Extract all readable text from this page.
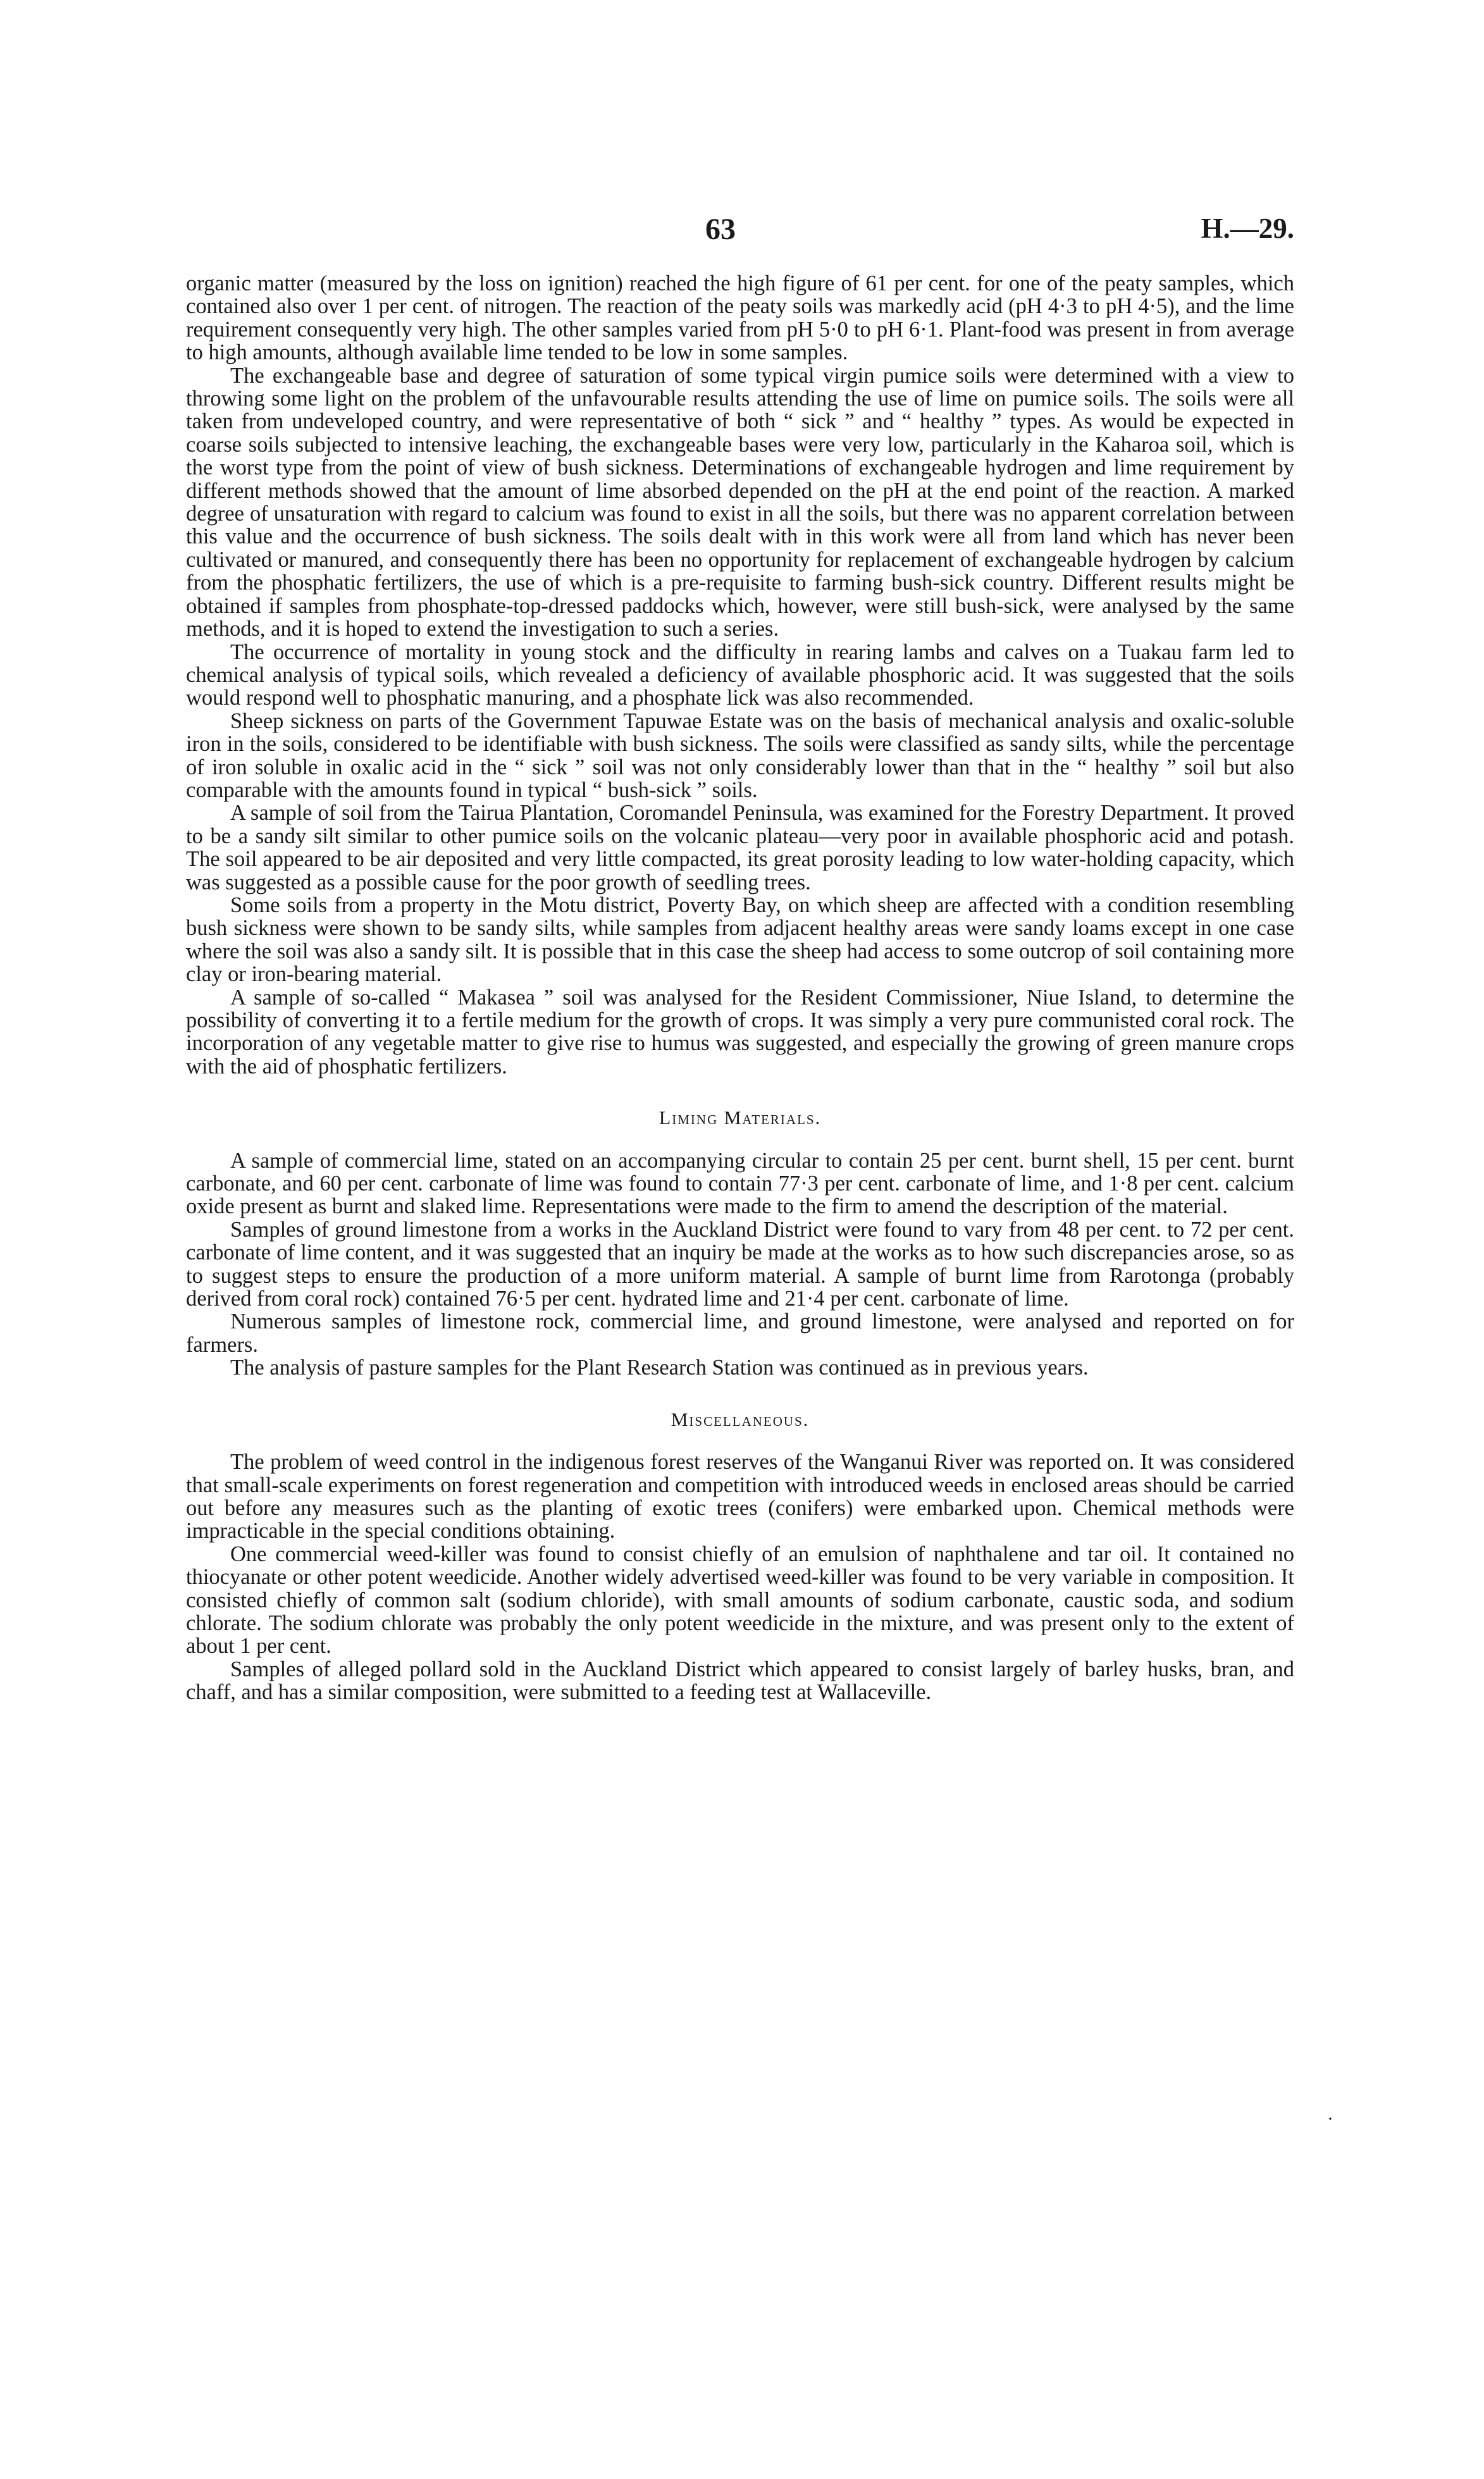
63	H.—29.

organic matter (measured by the loss on ignition) reached the high figure of 61 per cent. for one of the peaty samples, which contained also over 1 per cent. of nitrogen. The reaction of the peaty soils was markedly acid (pH 4·3 to pH 4·5), and the lime requirement consequently very high. The other samples varied from pH 5·0 to pH 6·1. Plant-food was present in from average to high amounts, although available lime tended to be low in some samples.

The exchangeable base and degree of saturation of some typical virgin pumice soils were determined with a view to throwing some light on the problem of the unfavourable results attending the use of lime on pumice soils. The soils were all taken from undeveloped country, and were representative of both “ sick ” and “ healthy ” types. As would be expected in coarse soils subjected to intensive leaching, the exchangeable bases were very low, particularly in the Kaharoa soil, which is the worst type from the point of view of bush sickness. Determinations of exchangeable hydrogen and lime requirement by different methods showed that the amount of lime absorbed depended on the pH at the end point of the reaction. A marked degree of unsaturation with regard to calcium was found to exist in all the soils, but there was no apparent correlation between this value and the occurrence of bush sickness. The soils dealt with in this work were all from land which has never been cultivated or manured, and consequently there has been no opportunity for replacement of exchangeable hydrogen by calcium from the phosphatic fertilizers, the use of which is a pre-requisite to farming bush-sick country. Different results might be obtained if samples from phosphate-top-dressed paddocks which, however, were still bush-sick, were analysed by the same methods, and it is hoped to extend the investigation to such a series.

The occurrence of mortality in young stock and the difficulty in rearing lambs and calves on a Tuakau farm led to chemical analysis of typical soils, which revealed a deficiency of available phosphoric acid. It was suggested that the soils would respond well to phosphatic manuring, and a phosphate lick was also recommended.

Sheep sickness on parts of the Government Tapuwae Estate was on the basis of mechanical analysis and oxalic-soluble iron in the soils, considered to be identifiable with bush sickness. The soils were classified as sandy silts, while the percentage of iron soluble in oxalic acid in the “ sick ” soil was not only considerably lower than that in the “ healthy ” soil but also comparable with the amounts found in typical “ bush-sick ” soils.

A sample of soil from the Tairua Plantation, Coromandel Peninsula, was examined for the Forestry Department. It proved to be a sandy silt similar to other pumice soils on the volcanic plateau—very poor in available phosphoric acid and potash. The soil appeared to be air deposited and very little compacted, its great porosity leading to low water-holding capacity, which was suggested as a possible cause for the poor growth of seedling trees.

Some soils from a property in the Motu district, Poverty Bay, on which sheep are affected with a condition resembling bush sickness were shown to be sandy silts, while samples from adjacent healthy areas were sandy loams except in one case where the soil was also a sandy silt. It is possible that in this case the sheep had access to some outcrop of soil containing more clay or iron-bearing material.

A sample of so-called “ Makasea ” soil was analysed for the Resident Commissioner, Niue Island, to determine the possibility of converting it to a fertile medium for the growth of crops. It was simply a very pure communisted coral rock. The incorporation of any vegetable matter to give rise to humus was suggested, and especially the growing of green manure crops with the aid of phosphatic fertilizers.

Liming Materials.

A sample of commercial lime, stated on an accompanying circular to contain 25 per cent. burnt shell, 15 per cent. burnt carbonate, and 60 per cent. carbonate of lime was found to contain 77·3 per cent. carbonate of lime, and 1·8 per cent. calcium oxide present as burnt and slaked lime. Representations were made to the firm to amend the description of the material.

Samples of ground limestone from a works in the Auckland District were found to vary from 48 per cent. to 72 per cent. carbonate of lime content, and it was suggested that an inquiry be made at the works as to how such discrepancies arose, so as to suggest steps to ensure the production of a more uniform material. A sample of burnt lime from Rarotonga (probably derived from coral rock) contained 76·5 per cent. hydrated lime and 21·4 per cent. carbonate of lime.

Numerous samples of limestone rock, commercial lime, and ground limestone, were analysed and reported on for farmers.

The analysis of pasture samples for the Plant Research Station was continued as in previous years.

Miscellaneous.

The problem of weed control in the indigenous forest reserves of the Wanganui River was reported on. It was considered that small-scale experiments on forest regeneration and competition with introduced weeds in enclosed areas should be carried out before any measures such as the planting of exotic trees (conifers) were embarked upon. Chemical methods were impracticable in the special conditions obtaining.

One commercial weed-killer was found to consist chiefly of an emulsion of naphthalene and tar oil. It contained no thiocyanate or other potent weedicide. Another widely advertised weed-killer was found to be very variable in composition. It consisted chiefly of common salt (sodium chloride), with small amounts of sodium carbonate, caustic soda, and sodium chlorate. The sodium chlorate was probably the only potent weedicide in the mixture, and was present only to the extent of about 1 per cent.

Samples of alleged pollard sold in the Auckland District which appeared to consist largely of barley husks, bran, and chaff, and has a similar composition, were submitted to a feeding test at Wallaceville.

·
